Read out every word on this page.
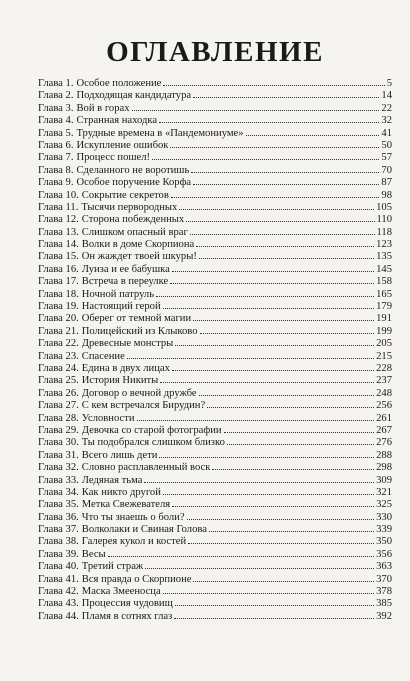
ОГЛАВЛЕНИЕ
Глава 1. Особое положение	5
Глава 2. Подходящая кандидатура	14
Глава 3. Вой в горах	22
Глава 4. Странная находка	32
Глава 5. Трудные времена в «Пандемониуме»	41
Глава 6. Искупление ошибок	50
Глава 7. Процесс пошел!	57
Глава 8. Сделанного не воротишь	70
Глава 9. Особое поручение Корфа	87
Глава 10. Сокрытие секретов	98
Глава 11. Тысячи первородных	105
Глава 12. Сторона побежденных	110
Глава 13. Слишком опасный враг	118
Глава 14. Волки в доме Скорпиона	123
Глава 15. Он жаждет твоей шкуры!	135
Глава 16. Луиза и ее бабушка	145
Глава 17. Встреча в переулке	158
Глава 18. Ночной патруль	165
Глава 19. Настоящий герой	179
Глава 20. Оберег от темной магии	191
Глава 21. Полицейский из Клыково	199
Глава 22. Древесные монстры	205
Глава 23. Спасение	215
Глава 24. Едина в двух лицах	228
Глава 25. История Никиты	237
Глава 26. Договор о вечной дружбе	248
Глава 27. С кем встречался Бирудин?	256
Глава 28. Условности	261
Глава 29. Девочка со старой фотографии	267
Глава 30. Ты подобрался слишком близко	276
Глава 31. Всего лишь дети	288
Глава 32. Словно расплавленный воск	298
Глава 33. Ледяная тьма	309
Глава 34. Как никто другой	321
Глава 35. Метка Свежевателя	325
Глава 36. Что ты знаешь о боли?	330
Глава 37. Волколаки и Свиная Голова	339
Глава 38. Галерея кукол и костей	350
Глава 39. Весы	356
Глава 40. Третий страж	363
Глава 41. Вся правда о Скорпионе	370
Глава 42. Маска Змееносца	378
Глава 43. Процессия чудовищ	385
Глава 44. Пламя в сотнях глаз	392
